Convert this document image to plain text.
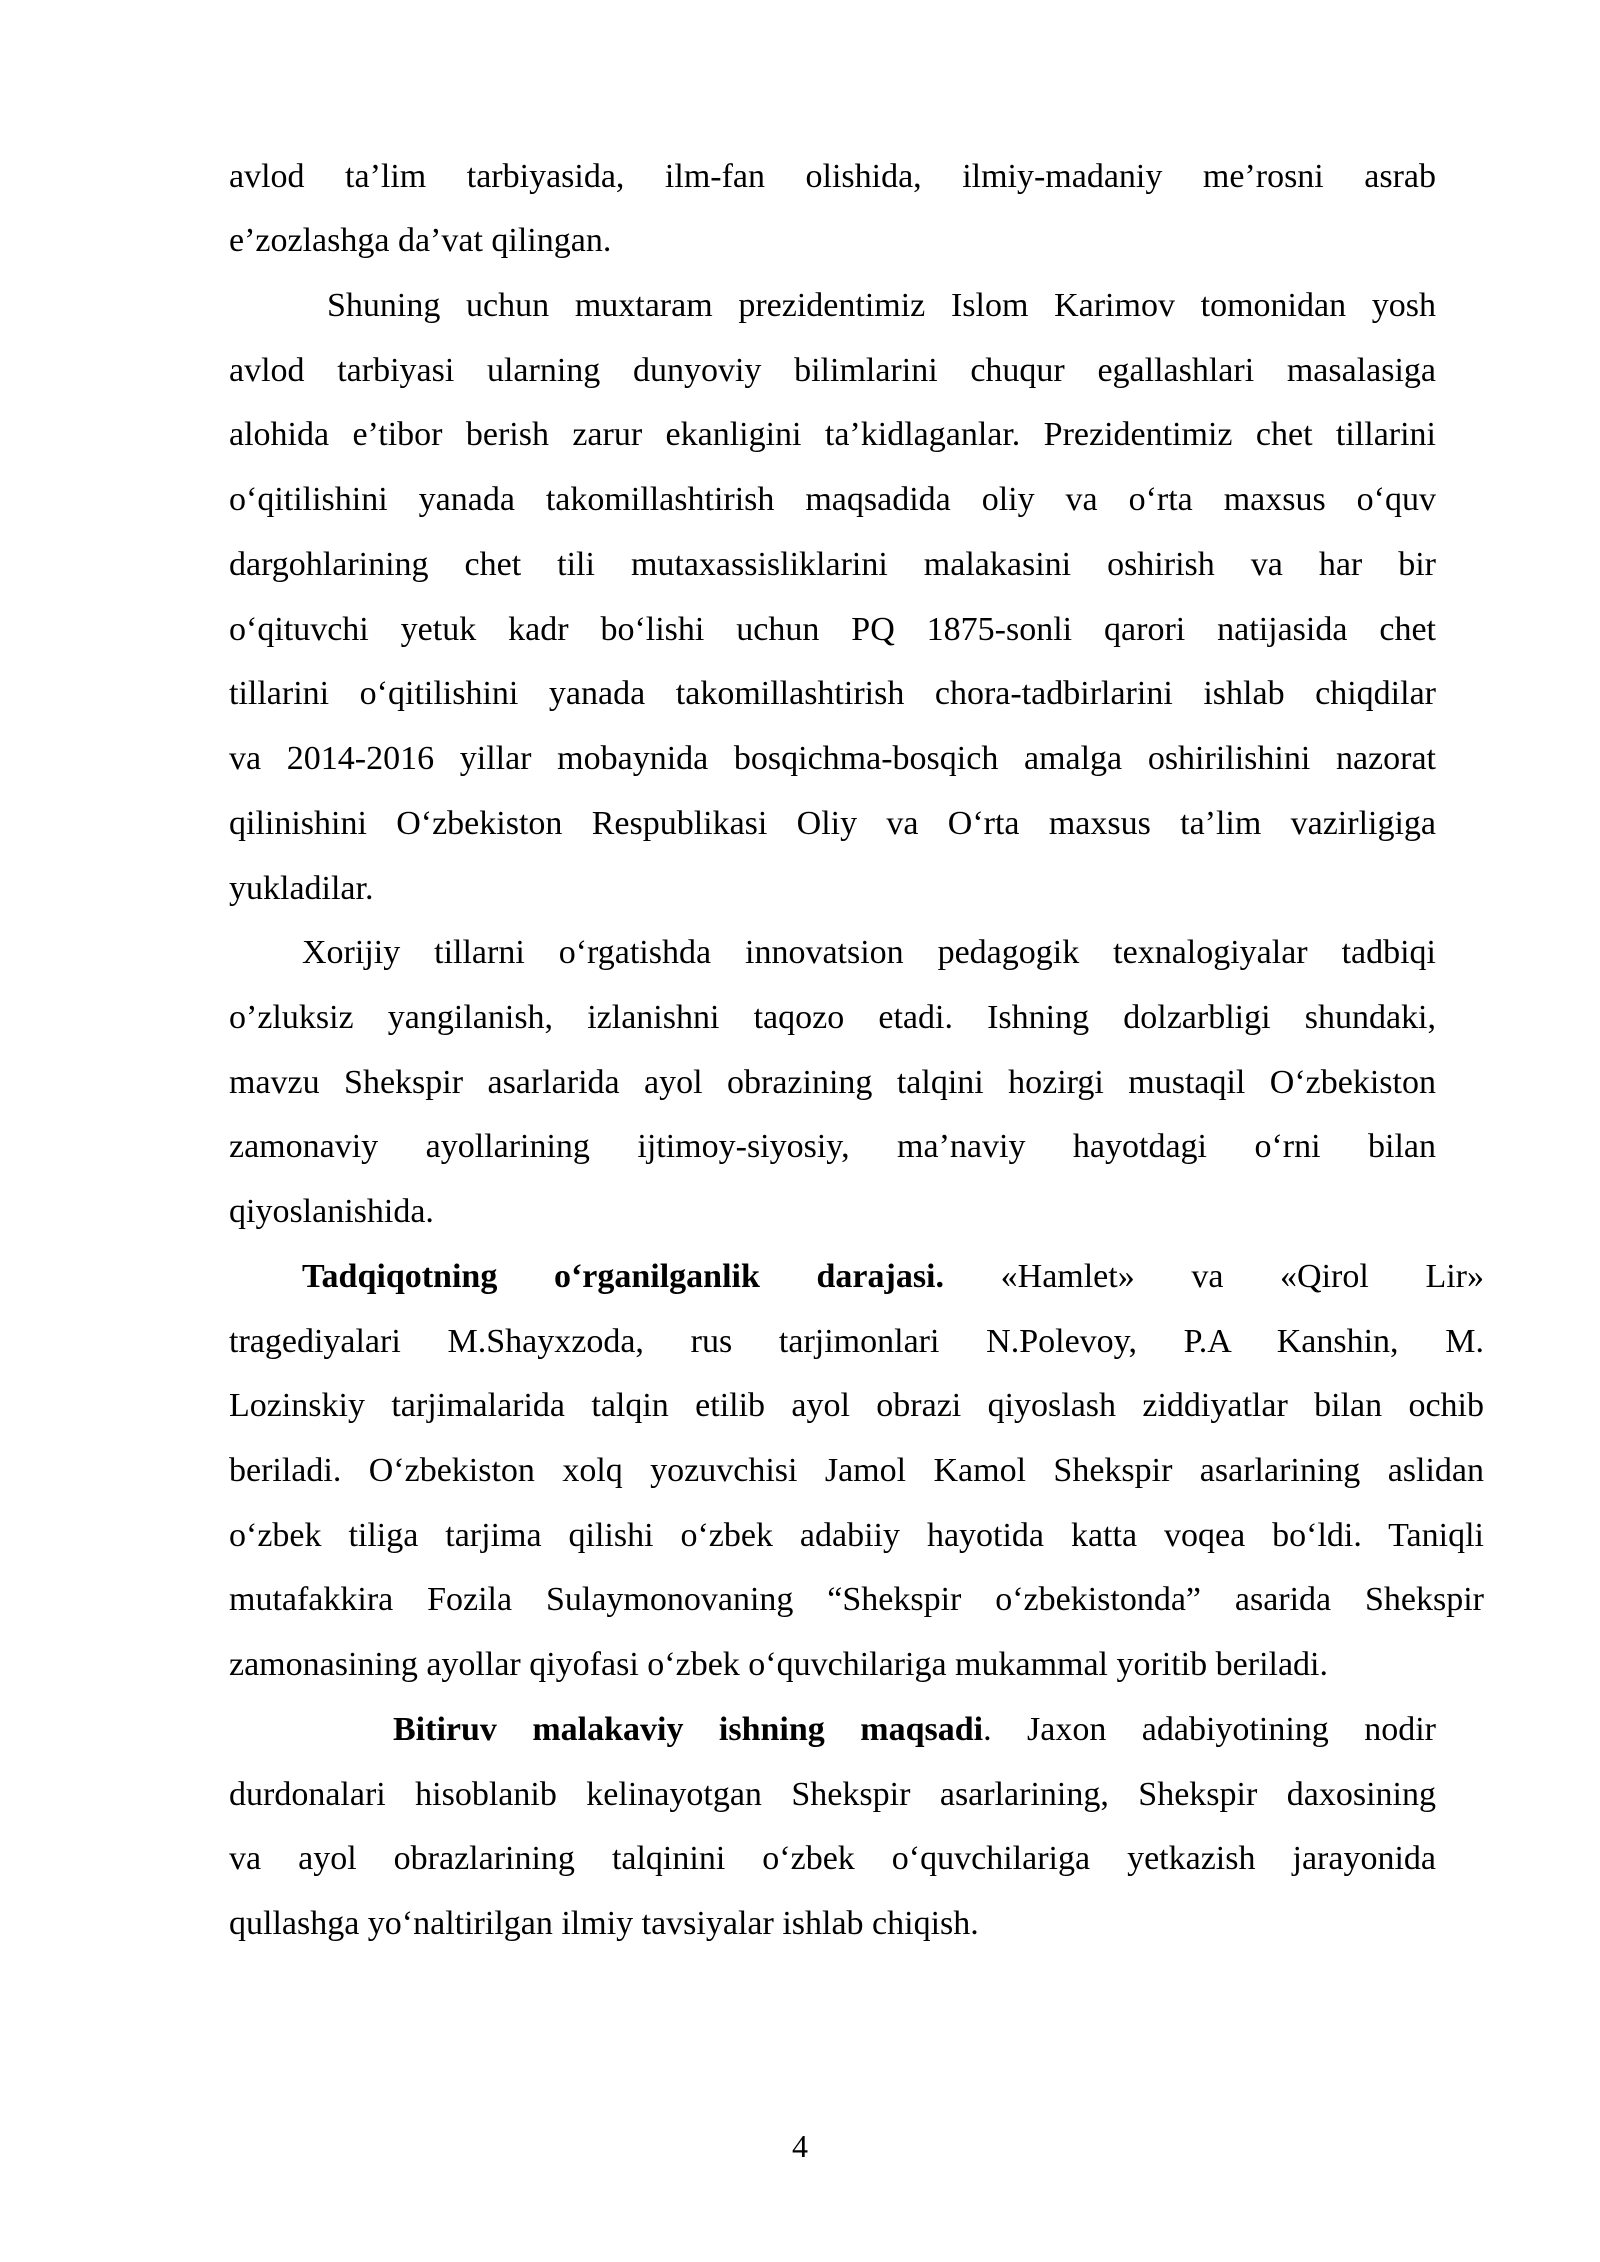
avlod ta’lim tarbiyasida, ilm-fan olishida, ilmiy-madaniy me’rosni asrab
e’zozlashga da’vat qilingan.
Shuning uchun muxtaram prezidentimiz Islom Karimov tomonidan yosh
avlod tarbiyasi ularning dunyoviy bilimlarini chuqur egallashlari masalasiga
alohida e’tibor berish zarur ekanligini ta’kidlaganlar. Prezidentimiz chet tillarini
o‘qitilishini yanada takomillashtirish maqsadida oliy va o‘rta maxsus o‘quv
dargohlarining chet tili mutaxassisliklarini malakasini oshirish va har bir
o‘qituvchi yetuk kadr bo‘lishi uchun PQ 1875-sonli qarori natijasida chet
tillarini o‘qitilishini yanada takomillashtirish chora-tadbirlarini ishlab chiqdilar
va 2014-2016 yillar mobaynida bosqichma-bosqich amalga oshirilishini nazorat
qilinishini O‘zbekiston Respublikasi Oliy va O‘rta maxsus ta’lim vazirligiga
yukladilar.
Xorijiy tillarni o‘rgatishda innovatsion pedagogik texnalogiyalar tadbiqi
o’zluksiz yangilanish, izlanishni taqozo etadi. Ishning dolzarbligi shundaki,
mavzu Shekspir asarlarida ayol obrazining talqini hozirgi mustaqil O‘zbekiston
zamonaviy ayollarining ijtimoy-siyosiy, ma’naviy hayotdagi o‘rni bilan
qiyoslanishida.
Tadqiqotning o‘rganilganlik darajasi. «Hamlet» va «Qirol Lir»
tragediyalari M.Shayxzoda, rus tarjimonlari N.Polevoy, P.A Kanshin, M.
Lozinskiy tarjimalarida talqin etilib ayol obrazi qiyoslash ziddiyatlar bilan ochib
beriladi. O‘zbekiston xolq yozuvchisi Jamol Kamol Shekspir asarlarining aslidan
o‘zbek tiliga tarjima qilishi o‘zbek adabiiy hayotida katta voqea bo‘ldi. Taniqli
mutafakkira Fozila Sulaymonovaning “Shekspir o‘zbekistonda” asarida Shekspir
zamonasining ayollar qiyofasi o‘zbek o‘quvchilariga mukammal yoritib beriladi.
Bitiruv malakaviy ishning maqsadi. Jaxon adabiyotining nodir
durdonalari hisoblanib kelinayotgan Shekspir asarlarining, Shekspir daxosining
va ayol obrazlarining talqinini o‘zbek o‘quvchilariga yetkazish jarayonida
qullashga yo‘naltirilgan ilmiy tavsiyalar ishlab chiqish.
4
